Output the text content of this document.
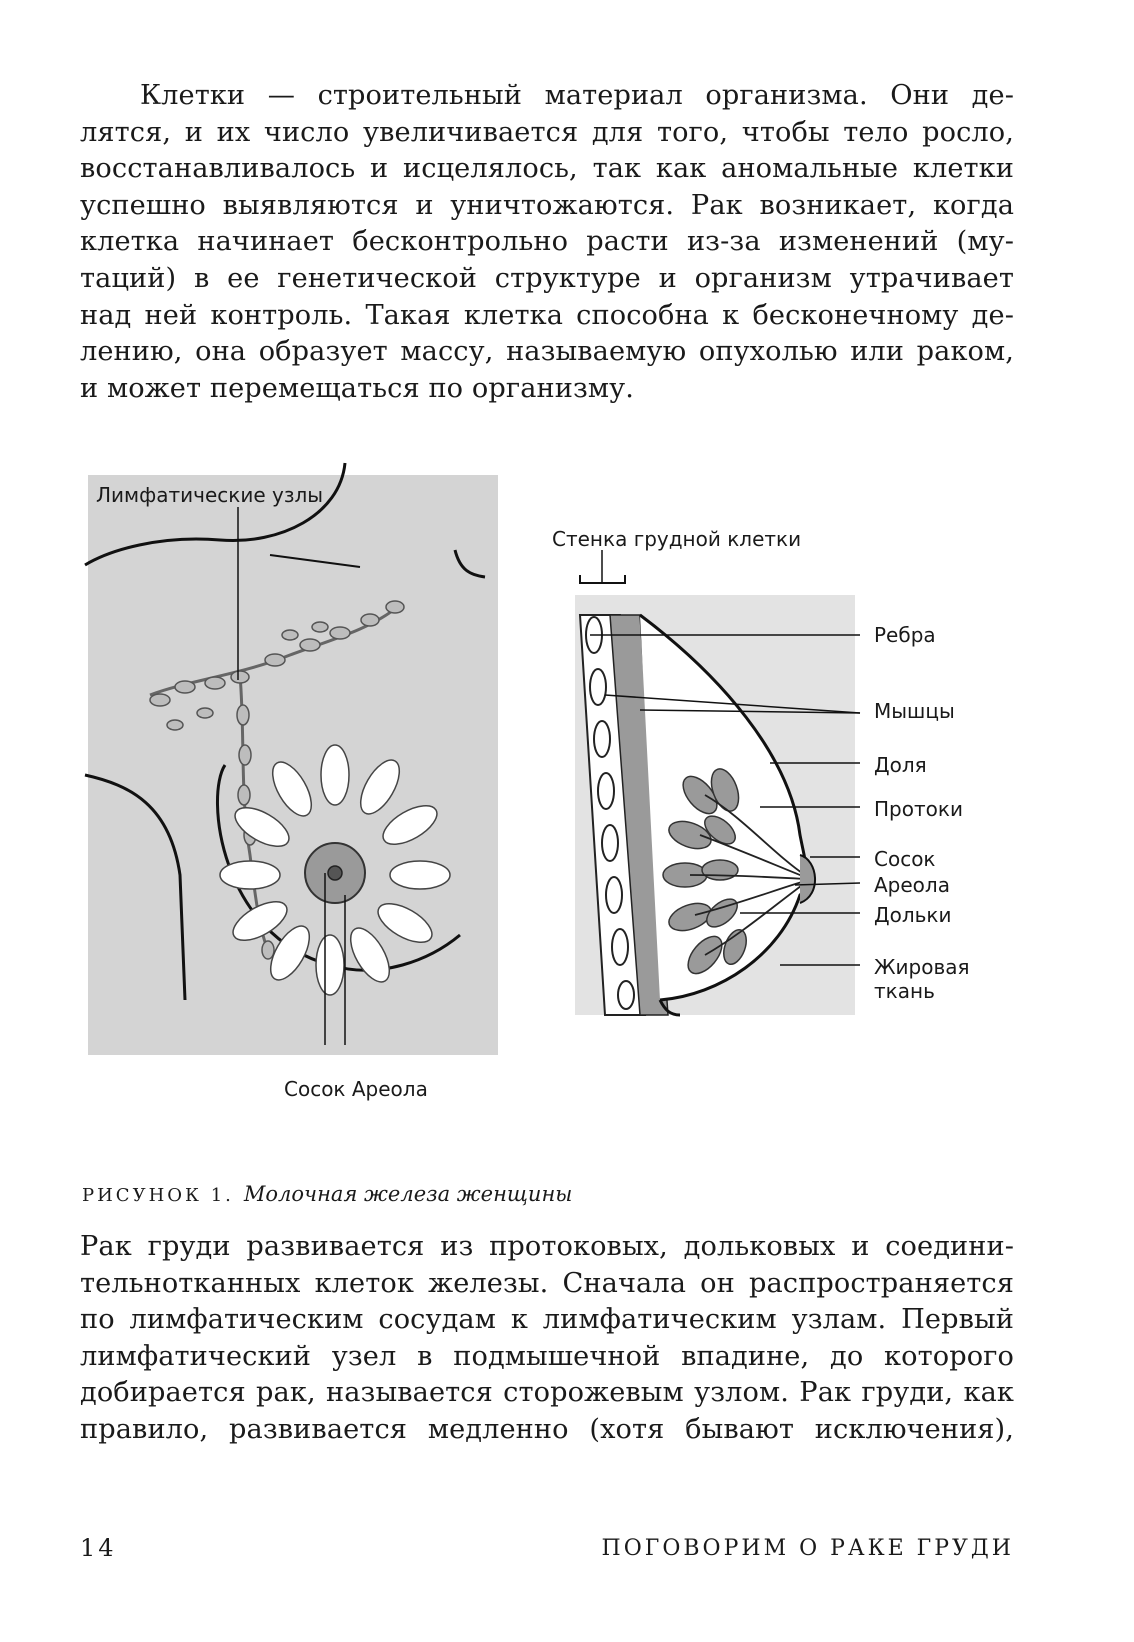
Клетки — строительный материал организма. Они де-
лятся, и их число увеличивается для того, чтобы тело росло,
восстанавливалось и исцелялось, так как аномальные клетки
успешно выявляются и уничтожаются. Рак возникает, когда
клетка начинает бесконтрольно расти из-за изменений (му-
таций) в ее генетической структуре и организм утрачивает
над ней контроль. Такая клетка способна к бесконечному де-
лению, она образует массу, называемую опухолью или раком,
и может перемещаться по организму.
Лимфатические узлы
Сосок Ареола
Стенка грудной клетки
Ребра
Мышцы
Доля
Протоки
Сосок
Ареола
Дольки
Жировая
ткань
РИСУНОК 1. Молочная железа женщины
Рак груди развивается из протоковых, дольковых и соедини-
тельнотканных клеток железы. Сначала он распространяется
по лимфатическим сосудам к лимфатическим узлам. Первый
лимфатический узел в подмышечной впадине, до которого
добирается рак, называется сторожевым узлом. Рак груди, как
правило, развивается медленно (хотя бывают исключения),
14	ПОГОВОРИМ О РАКЕ ГРУДИ
